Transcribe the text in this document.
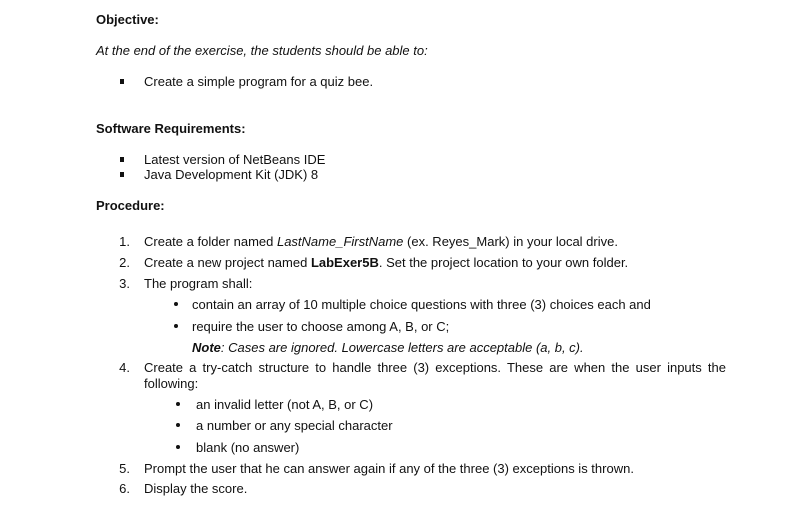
Objective:
At the end of the exercise, the students should be able to:
Create a simple program for a quiz bee.
Software Requirements:
Latest version of NetBeans IDE
Java Development Kit (JDK) 8
Procedure:
1. Create a folder named LastName_FirstName (ex. Reyes_Mark) in your local drive.
2. Create a new project named LabExer5B. Set the project location to your own folder.
3. The program shall:
contain an array of 10 multiple choice questions with three (3) choices each and
require the user to choose among A, B, or C;
Note: Cases are ignored. Lowercase letters are acceptable (a, b, c).
4. Create a try-catch structure to handle three (3) exceptions. These are when the user inputs the following:
an invalid letter (not A, B, or C)
a number or any special character
blank (no answer)
5. Prompt the user that he can answer again if any of the three (3) exceptions is thrown.
6. Display the score.
